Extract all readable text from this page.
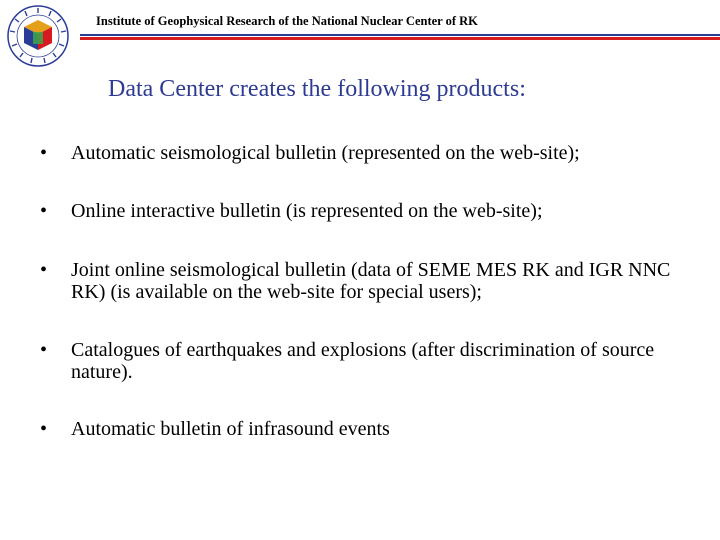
Institute of Geophysical Research of the National Nuclear Center of RK
Data Center creates the following products:
• Automatic seismological bulletin (represented on the web-site);
• Online interactive bulletin (is represented on the web-site);
• Joint online seismological bulletin (data of SEME MES RK and IGR NNC RK) (is available on the web-site for special users);
• Catalogues of earthquakes and explosions (after discrimination of source nature).
• Automatic bulletin of infrasound events
